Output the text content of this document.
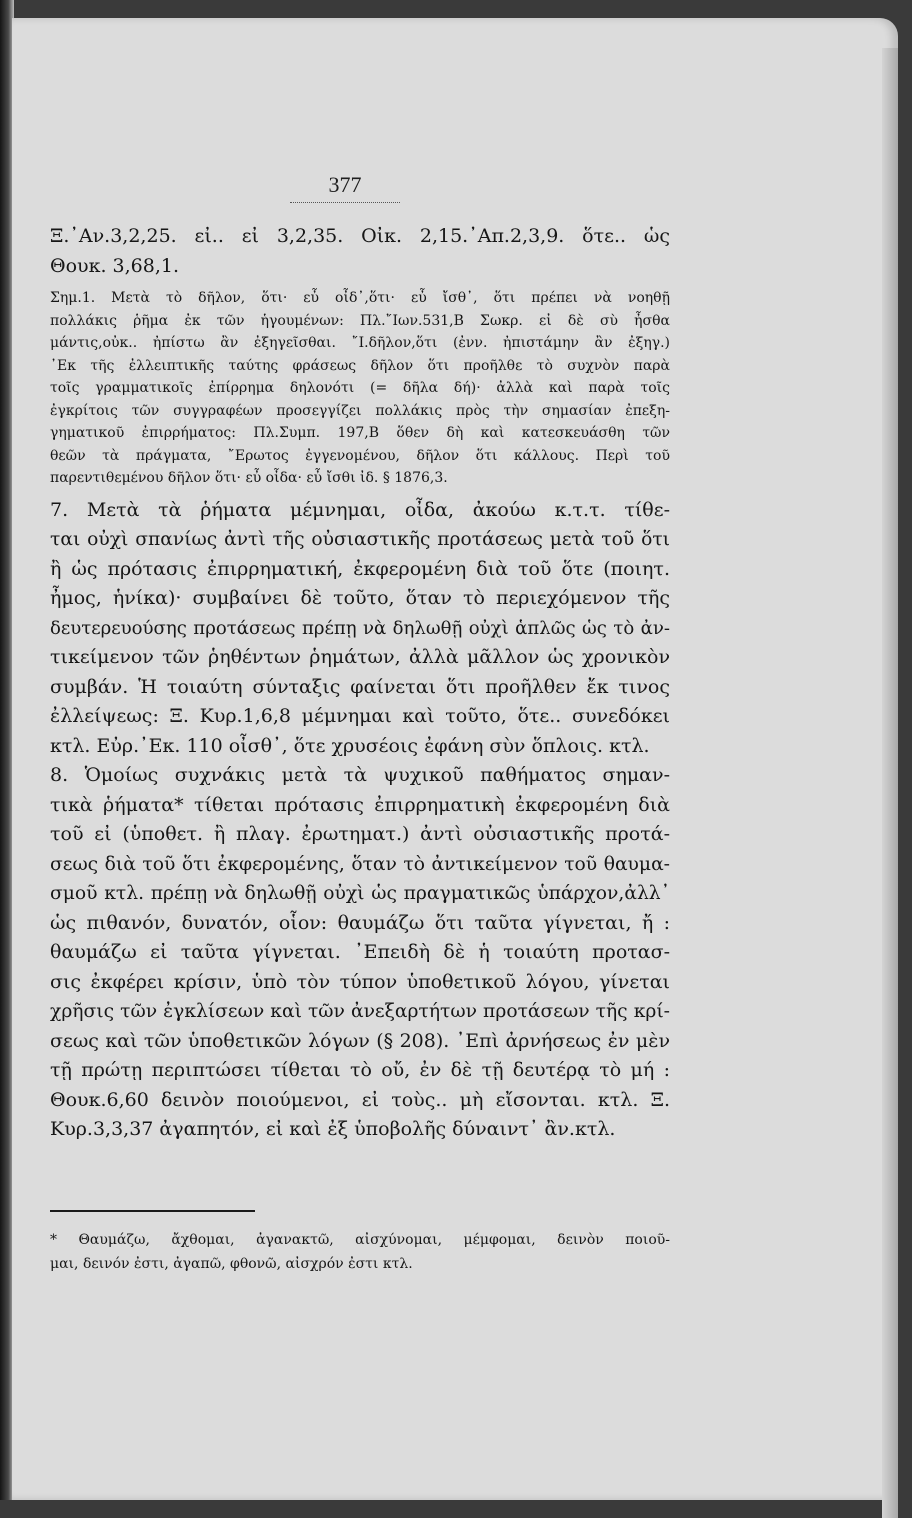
377
Ξ.᾽Αν.3,2,25. εἰ.. εἰ 3,2,35. Οἰκ. 2,15.᾽Απ.2,3,9. ὅτε.. ὡς
Θουκ. 3,68,1.
Σημ.1. Μετὰ τὸ δῆλον, ὅτι· εὖ οἶδ᾽,ὅτι· εὖ ἴσθ᾽, ὅτι πρέπει νὰ νοηθῇ
πολλάκις ῥῆμα ἐκ τῶν ἡγουμένων: Πλ.῎Ιων.531,Β Σωκρ. εἰ δὲ σὺ ἦσθα
μάντις,οὐκ.. ἠπίστω ἂν ἐξηγεῖσθαι. ῎Ι.δῆλον,ὅτι (ἐνν. ἠπιστάμην ἂν ἐξηγ.)
᾽Εκ τῆς ἐλλειπτικῆς ταύτης φράσεως δῆλον ὅτι προῆλθε τὸ συχνὸν παρὰ
τοῖς γραμματικοῖς ἐπίρρημα δηλονότι (= δῆλα δή)· ἀλλὰ καὶ παρὰ τοῖς
ἐγκρίτοις τῶν συγγραφέων προσεγγίζει πολλάκις πρὸς τὴν σημασίαν ἐπεξη-
γηματικοῦ ἐπιρρήματος: Πλ.Συμπ. 197,Β ὅθεν δὴ καὶ κατεσκευάσθη τῶν
θεῶν τὰ πράγματα, ῎Ερωτος ἐγγενομένου, δῆλον ὅτι κάλλους. Περὶ τοῦ
παρεντιθεμένου δῆλον ὅτι· εὖ οἶδα· εὖ ἴσθι ἰδ. § 1876,3.
7. Μετὰ τὰ ῥήματα μέμνημαι, οἶδα, ἀκούω κ.τ.τ. τίθε-
ται οὐχὶ σπανίως ἀντὶ τῆς οὐσιαστικῆς προτάσεως μετὰ τοῦ ὅτι
ἢ ὡς πρότασις ἐπιρρηματική, ἐκφερομένη διὰ τοῦ ὅτε (ποιητ.
ἦμος, ἡνίκα)· συμβαίνει δὲ τοῦτο, ὅταν τὸ περιεχόμενον τῆς
δευτερευούσης προτάσεως πρέπῃ νὰ δηλωθῇ οὐχὶ ἁπλῶς ὡς τὸ ἀν-
τικείμενον τῶν ῥηθέντων ῥημάτων, ἀλλὰ μᾶλλον ὡς χρονικὸν
συμβάν. Ἡ τοιαύτη σύνταξις φαίνεται ὅτι προῆλθεν ἔκ τινος
ἐλλείψεως: Ξ. Κυρ.1,6,8 μέμνημαι καὶ τοῦτο, ὅτε.. συνεδόκει
κτλ. Εὐρ.᾽Εκ. 110 οἶσθ᾽, ὅτε χρυσέοις ἐφάνη σὺν ὅπλοις. κτλ.
8. Ὁμοίως συχνάκις μετὰ τὰ ψυχικοῦ παθήματος σημαν-
τικὰ ῥήματα* τίθεται πρότασις ἐπιρρηματικὴ ἐκφερομένη διὰ
τοῦ εἰ (ὑποθετ. ἢ πλαγ. ἐρωτηματ.) ἀντὶ οὐσιαστικῆς προτά-
σεως διὰ τοῦ ὅτι ἐκφερομένης, ὅταν τὸ ἀντικείμενον τοῦ θαυμα-
σμοῦ κτλ. πρέπῃ νὰ δηλωθῇ οὐχὶ ὡς πραγματικῶς ὑπάρχον,ἀλλ᾽
ὡς πιθανόν, δυνατόν, οἷον: θαυμάζω ὅτι ταῦτα γίγνεται, ἤ :
θαυμάζω εἰ ταῦτα γίγνεται. ᾽Επειδὴ δὲ ἡ τοιαύτη προτασ-
σις ἐκφέρει κρίσιν, ὑπὸ τὸν τύπον ὑποθετικοῦ λόγου, γίνεται
χρῆσις τῶν ἐγκλίσεων καὶ τῶν ἀνεξαρτήτων προτάσεων τῆς κρί-
σεως καὶ τῶν ὑποθετικῶν λόγων (§ 208). ᾽Επὶ ἀρνήσεως ἐν μὲν
τῇ πρώτῃ περιπτώσει τίθεται τὸ οὔ, ἐν δὲ τῇ δευτέρᾳ τὸ μή :
Θουκ.6,60 δεινὸν ποιούμενοι, εἰ τοὺς.. μὴ εἴσονται. κτλ. Ξ.
Κυρ.3,3,37 ἀγαπητόν, εἰ καὶ ἐξ ὑποβολῆς δύναιντ᾽ ἂν.κτλ.
* Θαυμάζω, ἄχθομαι, ἀγανακτῶ, αἰσχύνομαι, μέμφομαι, δεινὸν ποιοῦ-
μαι, δεινόν ἐστι, ἀγαπῶ, φθονῶ, αἰσχρόν ἐστι κτλ.
